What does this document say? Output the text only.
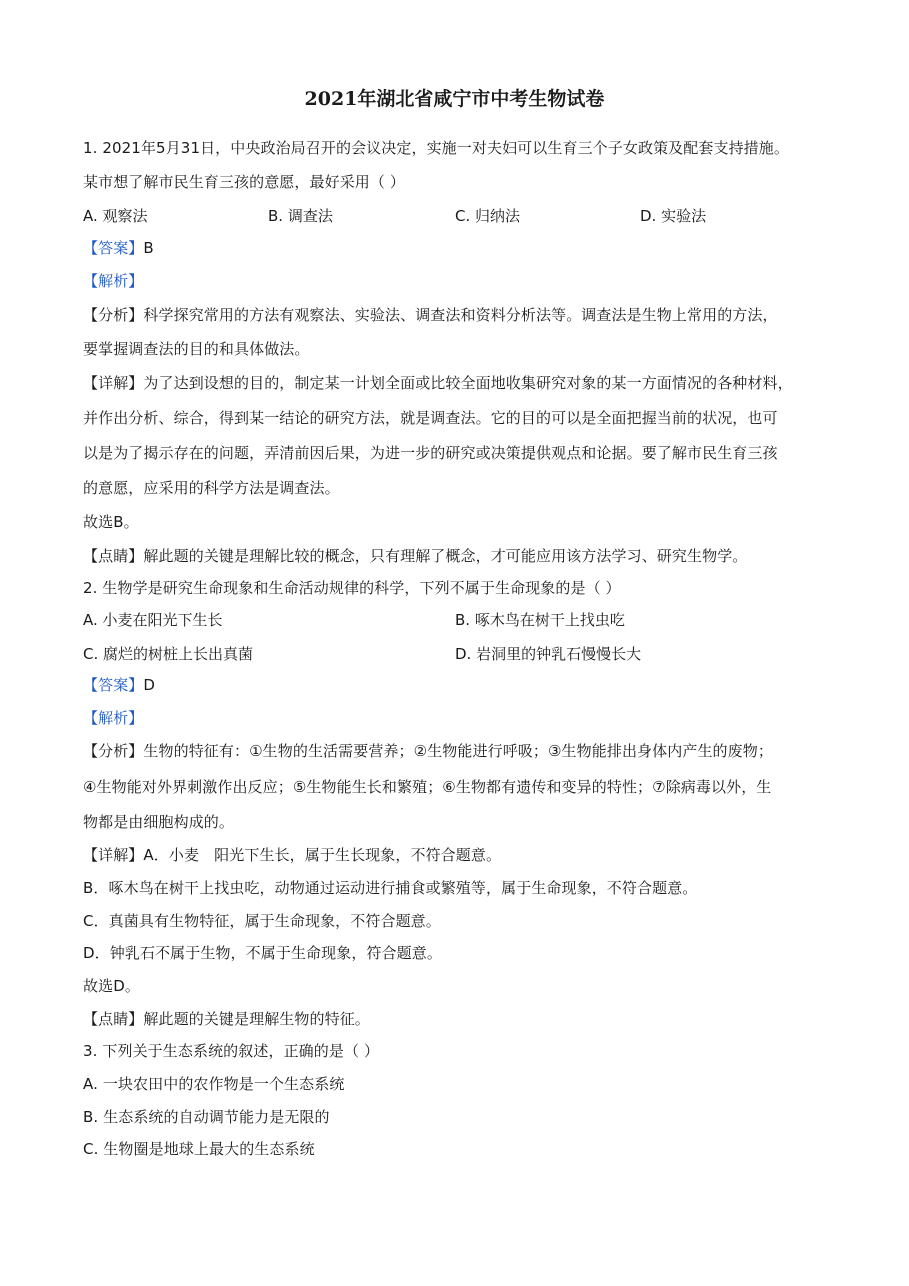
2021年湖北省咸宁市中考生物试卷
1. 2021年5月31日，中央政治局召开的会议决定，实施一对夫妇可以生育三个子女政策及配套支持措施。
某市想了解市民生育三孩的意愿，最好采用（ ）
A. 观察法	B. 调查法	C. 归纳法	D. 实验法
【答案】B
【解析】
【分析】科学探究常用的方法有观察法、实验法、调查法和资料分析法等。调查法是生物上常用的方法，
要掌握调查法的目的和具体做法。
【详解】为了达到设想的目的，制定某一计划全面或比较全面地收集研究对象的某一方面情况的各种材料，
并作出分析、综合，得到某一结论的研究方法，就是调查法。它的目的可以是全面把握当前的状况，也可
以是为了揭示存在的问题，弄清前因后果，为进一步的研究或决策提供观点和论据。要了解市民生育三孩
的意愿，应采用的科学方法是调查法。
故选B。
【点睛】解此题的关键是理解比较的概念，只有理解了概念，才可能应用该方法学习、研究生物学。
2. 生物学是研究生命现象和生命活动规律的科学，下列不属于生命现象的是（ ）
A. 小麦在阳光下生长	B. 啄木鸟在树干上找虫吃
C. 腐烂的树桩上长出真菌	D. 岩洞里的钟乳石慢慢长大
【答案】D
【解析】
【分析】生物的特征有：①生物的生活需要营养；②生物能进行呼吸；③生物能排出身体内产生的废物；
④生物能对外界刺激作出反应；⑤生物能生长和繁殖；⑥生物都有遗传和变异的特性；⑦除病毒以外，生
物都是由细胞构成的。
【详解】A．小麦　阳光下生长，属于生长现象，不符合题意。
B．啄木鸟在树干上找虫吃，动物通过运动进行捕食或繁殖等，属于生命现象，不符合题意。
C．真菌具有生物特征，属于生命现象，不符合题意。
D．钟乳石不属于生物，不属于生命现象，符合题意。
故选D。
【点睛】解此题的关键是理解生物的特征。
3. 下列关于生态系统的叙述，正确的是（ ）
A. 一块农田中的农作物是一个生态系统
B. 生态系统的自动调节能力是无限的
C. 生物圈是地球上最大的生态系统
